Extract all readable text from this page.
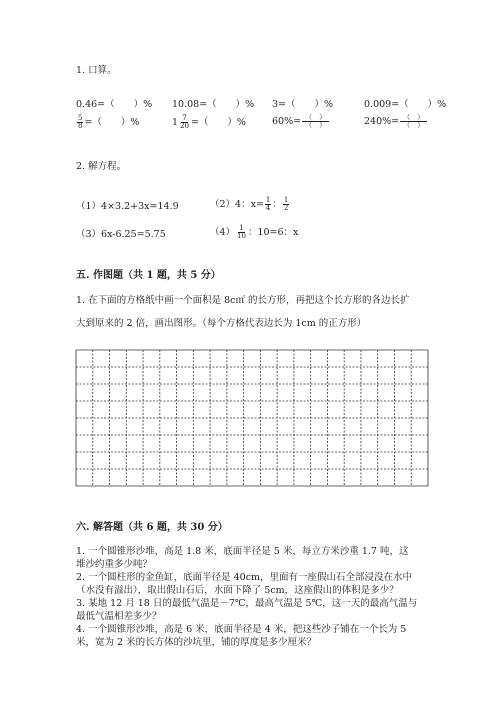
1. 口算。
0.46=（　　）% 10.08=（　　）% 3=（　　）%	0.009=（　　）%
$\frac{5}{8}$ =（　　）%	$1 \frac{7}{20}$ =（　　）%	$60\%= \frac{( )}{( )}$	$240\%= \frac{( )}{( )}$
2. 解方程。
（1）4×3.2+3x=14.9	（2）4：$x= \frac{1}{4}$ ： $\frac{1}{2}$
（3）6x-6.25=5.75	$(4) \frac{1}{10}$ ：10=6：x
五. 作图题（共 1 题，共 5 分）
1. 在下面的方格纸中画一个面积是 8c㎡ 的长方形，再把这个长方形的各边长扩
大到原来的 2 倍，画出图形。（每个方格代表边长为 1cm 的正方形）
六. 解答题（共 6 题，共 30 分）
1. 一个圆锥形沙堆，高是 1.8 米，底面半径是 5 米，每立方米沙重 1.7 吨，这
堆沙约重多少吨？
2. 一个圆柱形的金鱼缸，底面半径是 40cm，里面有一座假山石全部浸没在水中
（水没有溢出），取出假山石后，水面下降了 5cm，这座假山的体积是多少？
3. 某地 12 月 18 日的最低气温是－7℃，最高气温是 5℃，这一天的最高气温与
最低气温相差多少？
4. 一个圆锥形沙堆，高是 6 米，底面半径是 4 米，把这些沙子铺在一个长为 5
米，宽为 2 米的长方体的沙坑里，铺的厚度是多少厘米？
